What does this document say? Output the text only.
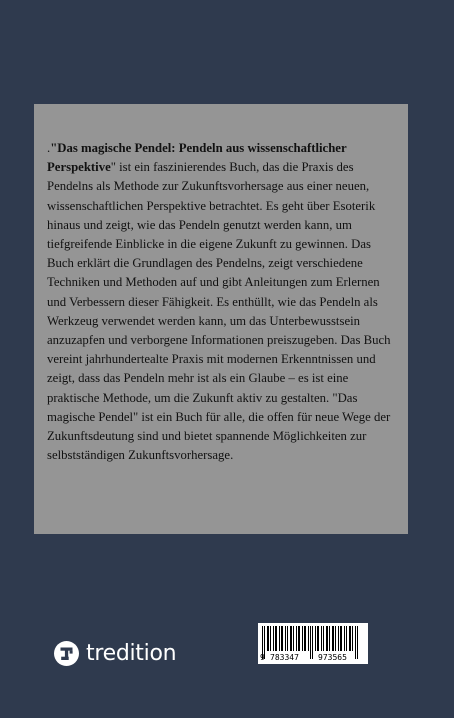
."Das magische Pendel: Pendeln aus wissenschaftlicher Perspektive" ist ein faszinierendes Buch, das die Praxis des Pendelns als Methode zur Zukunftsvorhersage aus einer neuen, wissenschaftlichen Perspektive betrachtet. Es geht über Esoterik hinaus und zeigt, wie das Pendeln genutzt werden kann, um tiefgreifende Einblicke in die eigene Zukunft zu gewinnen. Das Buch erklärt die Grundlagen des Pendelns, zeigt verschiedene Techniken und Methoden auf und gibt Anleitungen zum Erlernen und Verbessern dieser Fähigkeit. Es enthüllt, wie das Pendeln als Werkzeug verwendet werden kann, um das Unterbewusstsein anzuzapfen und verborgene Informationen preiszugeben. Das Buch vereint jahrhundertealte Praxis mit modernen Erkenntnissen und zeigt, dass das Pendeln mehr ist als ein Glaube – es ist eine praktische Methode, um die Zukunft aktiv zu gestalten. "Das magische Pendel" ist ein Buch für alle, die offen für neue Wege der Zukunftsdeutung sind und bietet spannende Möglichkeiten zur selbstständigen Zukunftsvorhersage.

tredition	9 783347 973565
